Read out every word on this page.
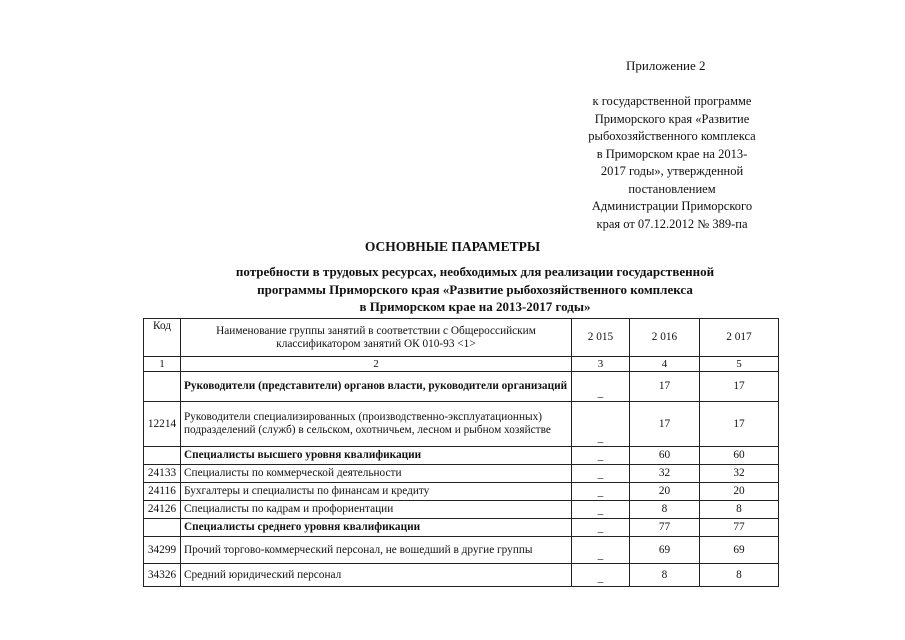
Приложение 2
к государственной программе
Приморского края «Развитие
рыбохозяйственного комплекса
в Приморском крае на 2013-
2017 годы», утвержденной
постановлением
Администрации Приморского
края от 07.12.2012 № 389-па
ОСНОВНЫЕ ПАРАМЕТРЫ
потребности в трудовых ресурсах, необходимых для реализации государственной
программы Приморского края «Развитие рыбохозяйственного комплекса
в Приморском крае на 2013-2017 годы»
Код	Наименование группы занятий в соответствии с Общероссийским классификатором занятий ОК 010-93 <1>	2 015	2 016	2 017
1	2	3	4	5
	Руководители (представители) органов власти, руководители организаций	_	17	17
12214	Руководители специализированных (производственно-эксплуатационных) подразделений (служб) в сельском, охотничьем, лесном и рыбном хозяйстве	_	17	17
	Специалисты высшего уровня квалификации	_	60	60
24133	Специалисты по коммерческой деятельности	_	32	32
24116	Бухгалтеры и специалисты по финансам и кредиту	_	20	20
24126	Специалисты по кадрам и профориентации	_	8	8
	Специалисты среднего уровня квалификации	_	77	77
34299	Прочий торгово-коммерческий персонал, не вошедший в другие группы	_	69	69
34326	Средний юридический персонал	_	8	8
